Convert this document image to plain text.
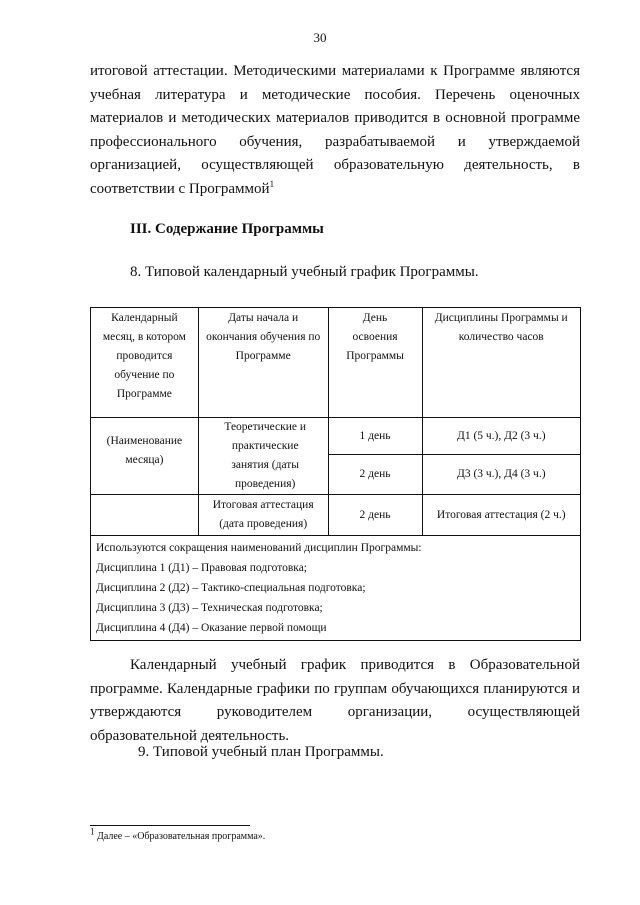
30
итоговой аттестации. Методическими материалами к Программе являются
учебная литература и методические пособия. Перечень оценочных
материалов и методических материалов приводится в основной программе
профессионального обучения, разрабатываемой и утверждаемой
организацией, осуществляющей образовательную деятельность, в
соответствии с Программой$^1$
III. Содержание Программы
8. Типовой календарный учебный график Программы.
Календарный месяц, в котором проводится обучение по Программе	Даты начала и окончания обучения по Программе	День освоения Программы	Дисциплины Программы и количество часов
(Наименование месяца)	Теоретические и практические занятия (даты проведения)	1 день	Д1 (5 ч.), Д2 (3 ч.)
		2 день	Д3 (3 ч.), Д4 (3 ч.)
	Итоговая аттестация (дата проведения)	2 день	Итоговая аттестация (2 ч.)

Используются сокращения наименований дисциплин Программы:
Дисциплина 1 (Д1) – Правовая подготовка;
Дисциплина 2 (Д2) – Тактико-специальная подготовка;
Дисциплина 3 (Д3) – Техническая подготовка;
Дисциплина 4 (Д4) – Оказание первой помощи			
Календарный учебный график приводится в Образовательной
программе. Календарные графики по группам обучающихся планируются и
утверждаются руководителем организации, осуществляющей
образовательной деятельность.
9. Типовой учебный план Программы.
$^1$ Далее – «Образовательная программа».
